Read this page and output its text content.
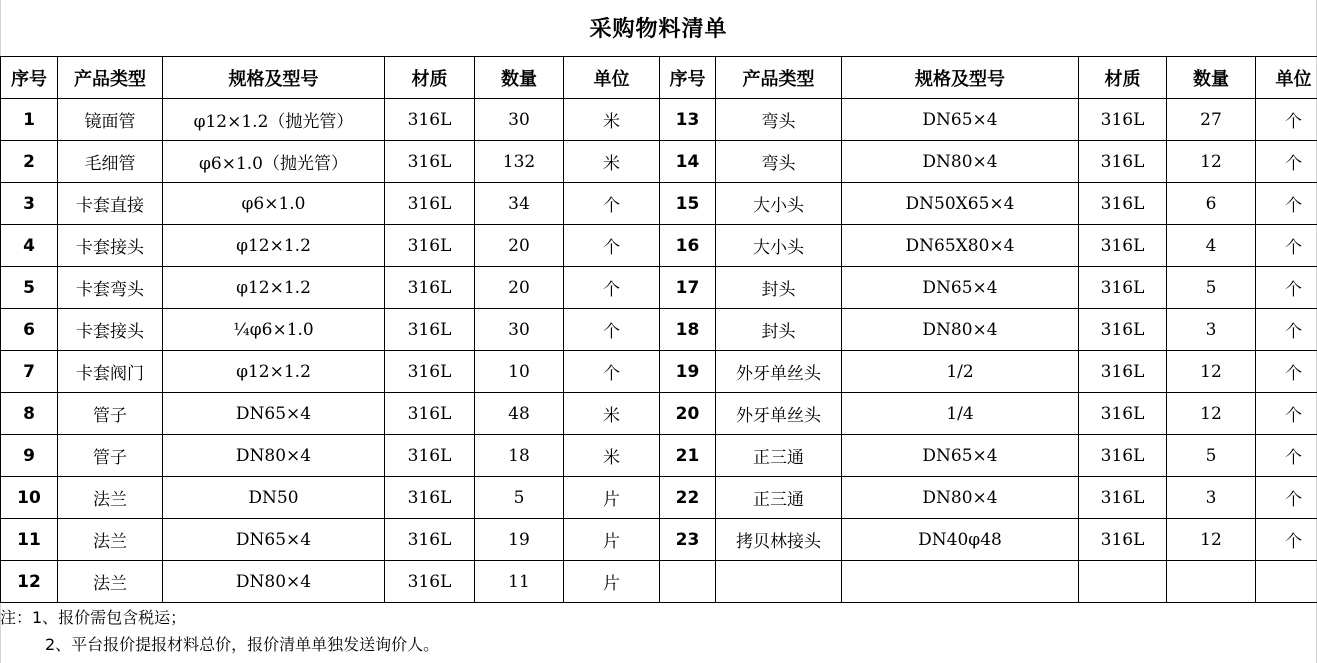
采购物料清单
序号	产品类型	规格及型号	材质	数量	单位	序号	产品类型	规格及型号	材质	数量	单位
1	镜面管	φ12×1.2（抛光管）	316L	30	米	13	弯头	DN65×4	316L	27	个
2	毛细管	φ6×1.0（抛光管）	316L	132	米	14	弯头	DN80×4	316L	12	个
3	卡套直接	φ6×1.0	316L	34	个	15	大小头	DN50X65×4	316L	6	个
4	卡套接头	φ12×1.2	316L	20	个	16	大小头	DN65X80×4	316L	4	个
5	卡套弯头	φ12×1.2	316L	20	个	17	封头	DN65×4	316L	5	个
6	卡套接头	¼φ6×1.0	316L	30	个	18	封头	DN80×4	316L	3	个
7	卡套阀门	φ12×1.2	316L	10	个	19	外牙单丝头	1/2	316L	12	个
8	管子	DN65×4	316L	48	米	20	外牙单丝头	1/4	316L	12	个
9	管子	DN80×4	316L	18	米	21	正三通	DN65×4	316L	5	个
10	法兰	DN50	316L	5	片	22	正三通	DN80×4	316L	3	个
11	法兰	DN65×4	316L	19	片	23	拷贝林接头	DN40φ48	316L	12	个
12	法兰	DN80×4	316L	11	片						
注：1、报价需包含税运；
2、平台报价提报材料总价，报价清单单独发送询价人。
